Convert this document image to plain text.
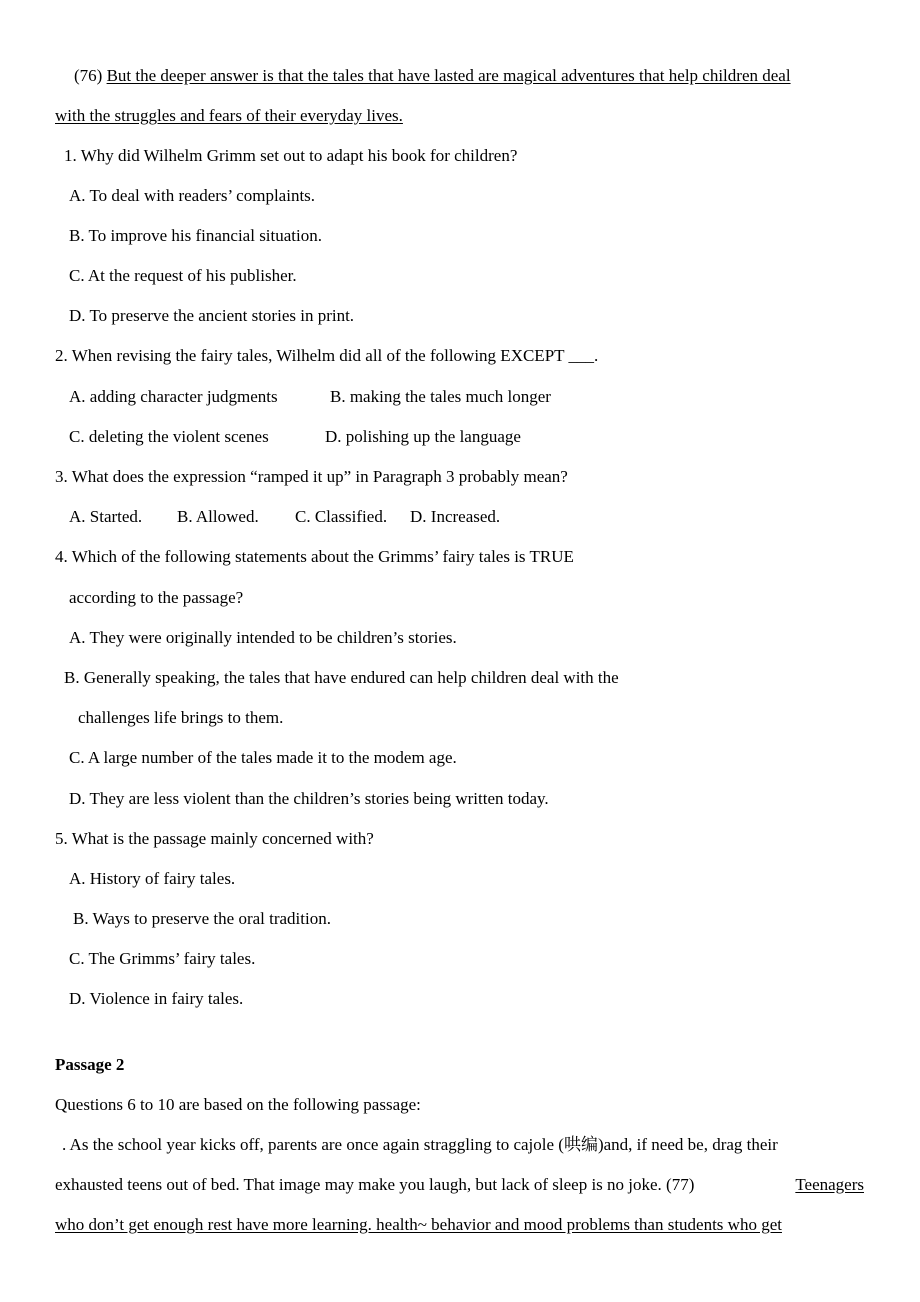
(76) But the deeper answer is that the tales that have lasted are magical adventures that help children deal
with the struggles and fears of their everyday lives.
1. Why did Wilhelm Grimm set out to adapt his book for children?
A. To deal with readers’ complaints.
B. To improve his financial situation.
C. At the request of his publisher.
D. To preserve the ancient stories in print.
2. When revising the fairy tales, Wilhelm did all of the following EXCEPT ___.
A. adding character judgments	B. making the tales much longer
C. deleting the violent scenes	D. polishing up the language
3. What does the expression “ramped it up” in Paragraph 3 probably mean?
A. Started. B. Allowed. C. Classified. D. Increased.
4. Which of the following statements about the Grimms’ fairy tales is TRUE
according to the passage?
A. They were originally intended to be children’s stories.
B. Generally speaking, the tales that have endured can help children deal with the
challenges life brings to them.
C. A large number of the tales made it to the modem age.
D. They are less violent than the children’s stories being written today.
5. What is the passage mainly concerned with?
A. History of fairy tales.
B. Ways to preserve the oral tradition.
C. The Grimms’ fairy tales.
D. Violence in fairy tales.
Passage 2
Questions 6 to 10 are based on the following passage:
. As the school year kicks off, parents are once again straggling to cajole (哄编)and, if need be, drag their
exhausted teens out of bed. That image may make you laugh, but lack of sleep is no joke. (77)	Teenagers
who don’t get enough rest have more learning. health~ behavior and mood problems than students who get
